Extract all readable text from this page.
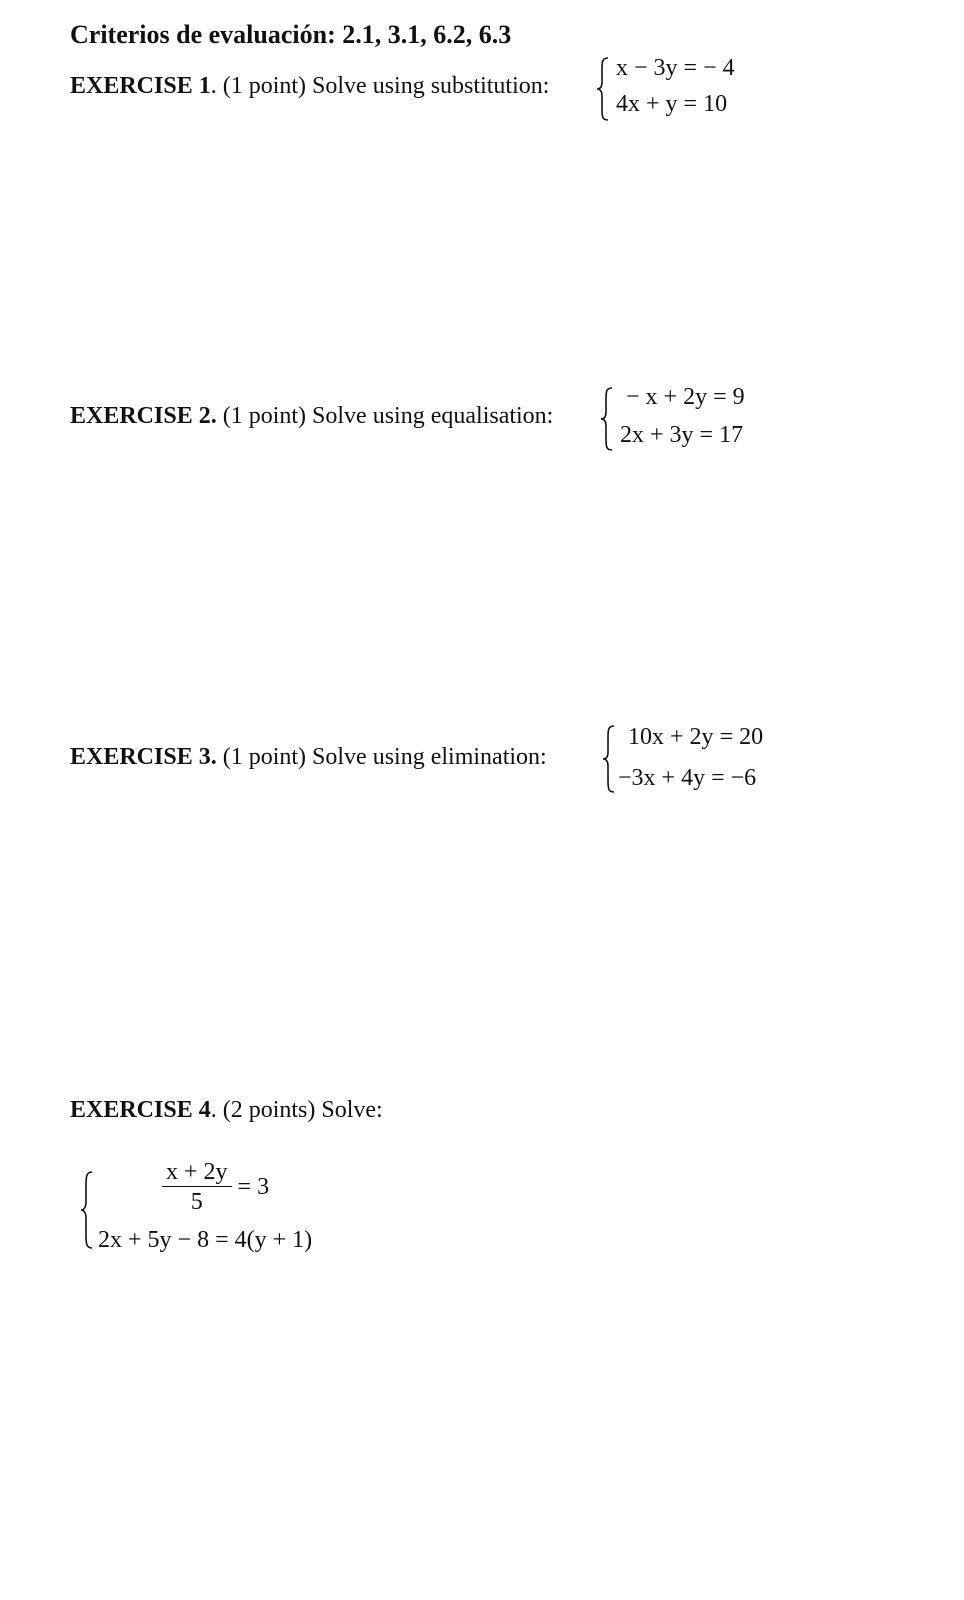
Criterios de evaluación: 2.1, 3.1, 6.2, 6.3
EXERCISE 1. (1 point) Solve using substitution:
x − 3y = − 4
4x + y = 10
EXERCISE 2. (1 point) Solve using equalisation:
− x + 2y = 9
2x + 3y = 17
EXERCISE 3. (1 point) Solve using elimination:
10x + 2y = 20
−3x + 4y = −6
EXERCISE 4. (2 points) Solve:
$\frac{x + 2y}{5} = 3$
2x + 5y − 8 = 4(y + 1)
